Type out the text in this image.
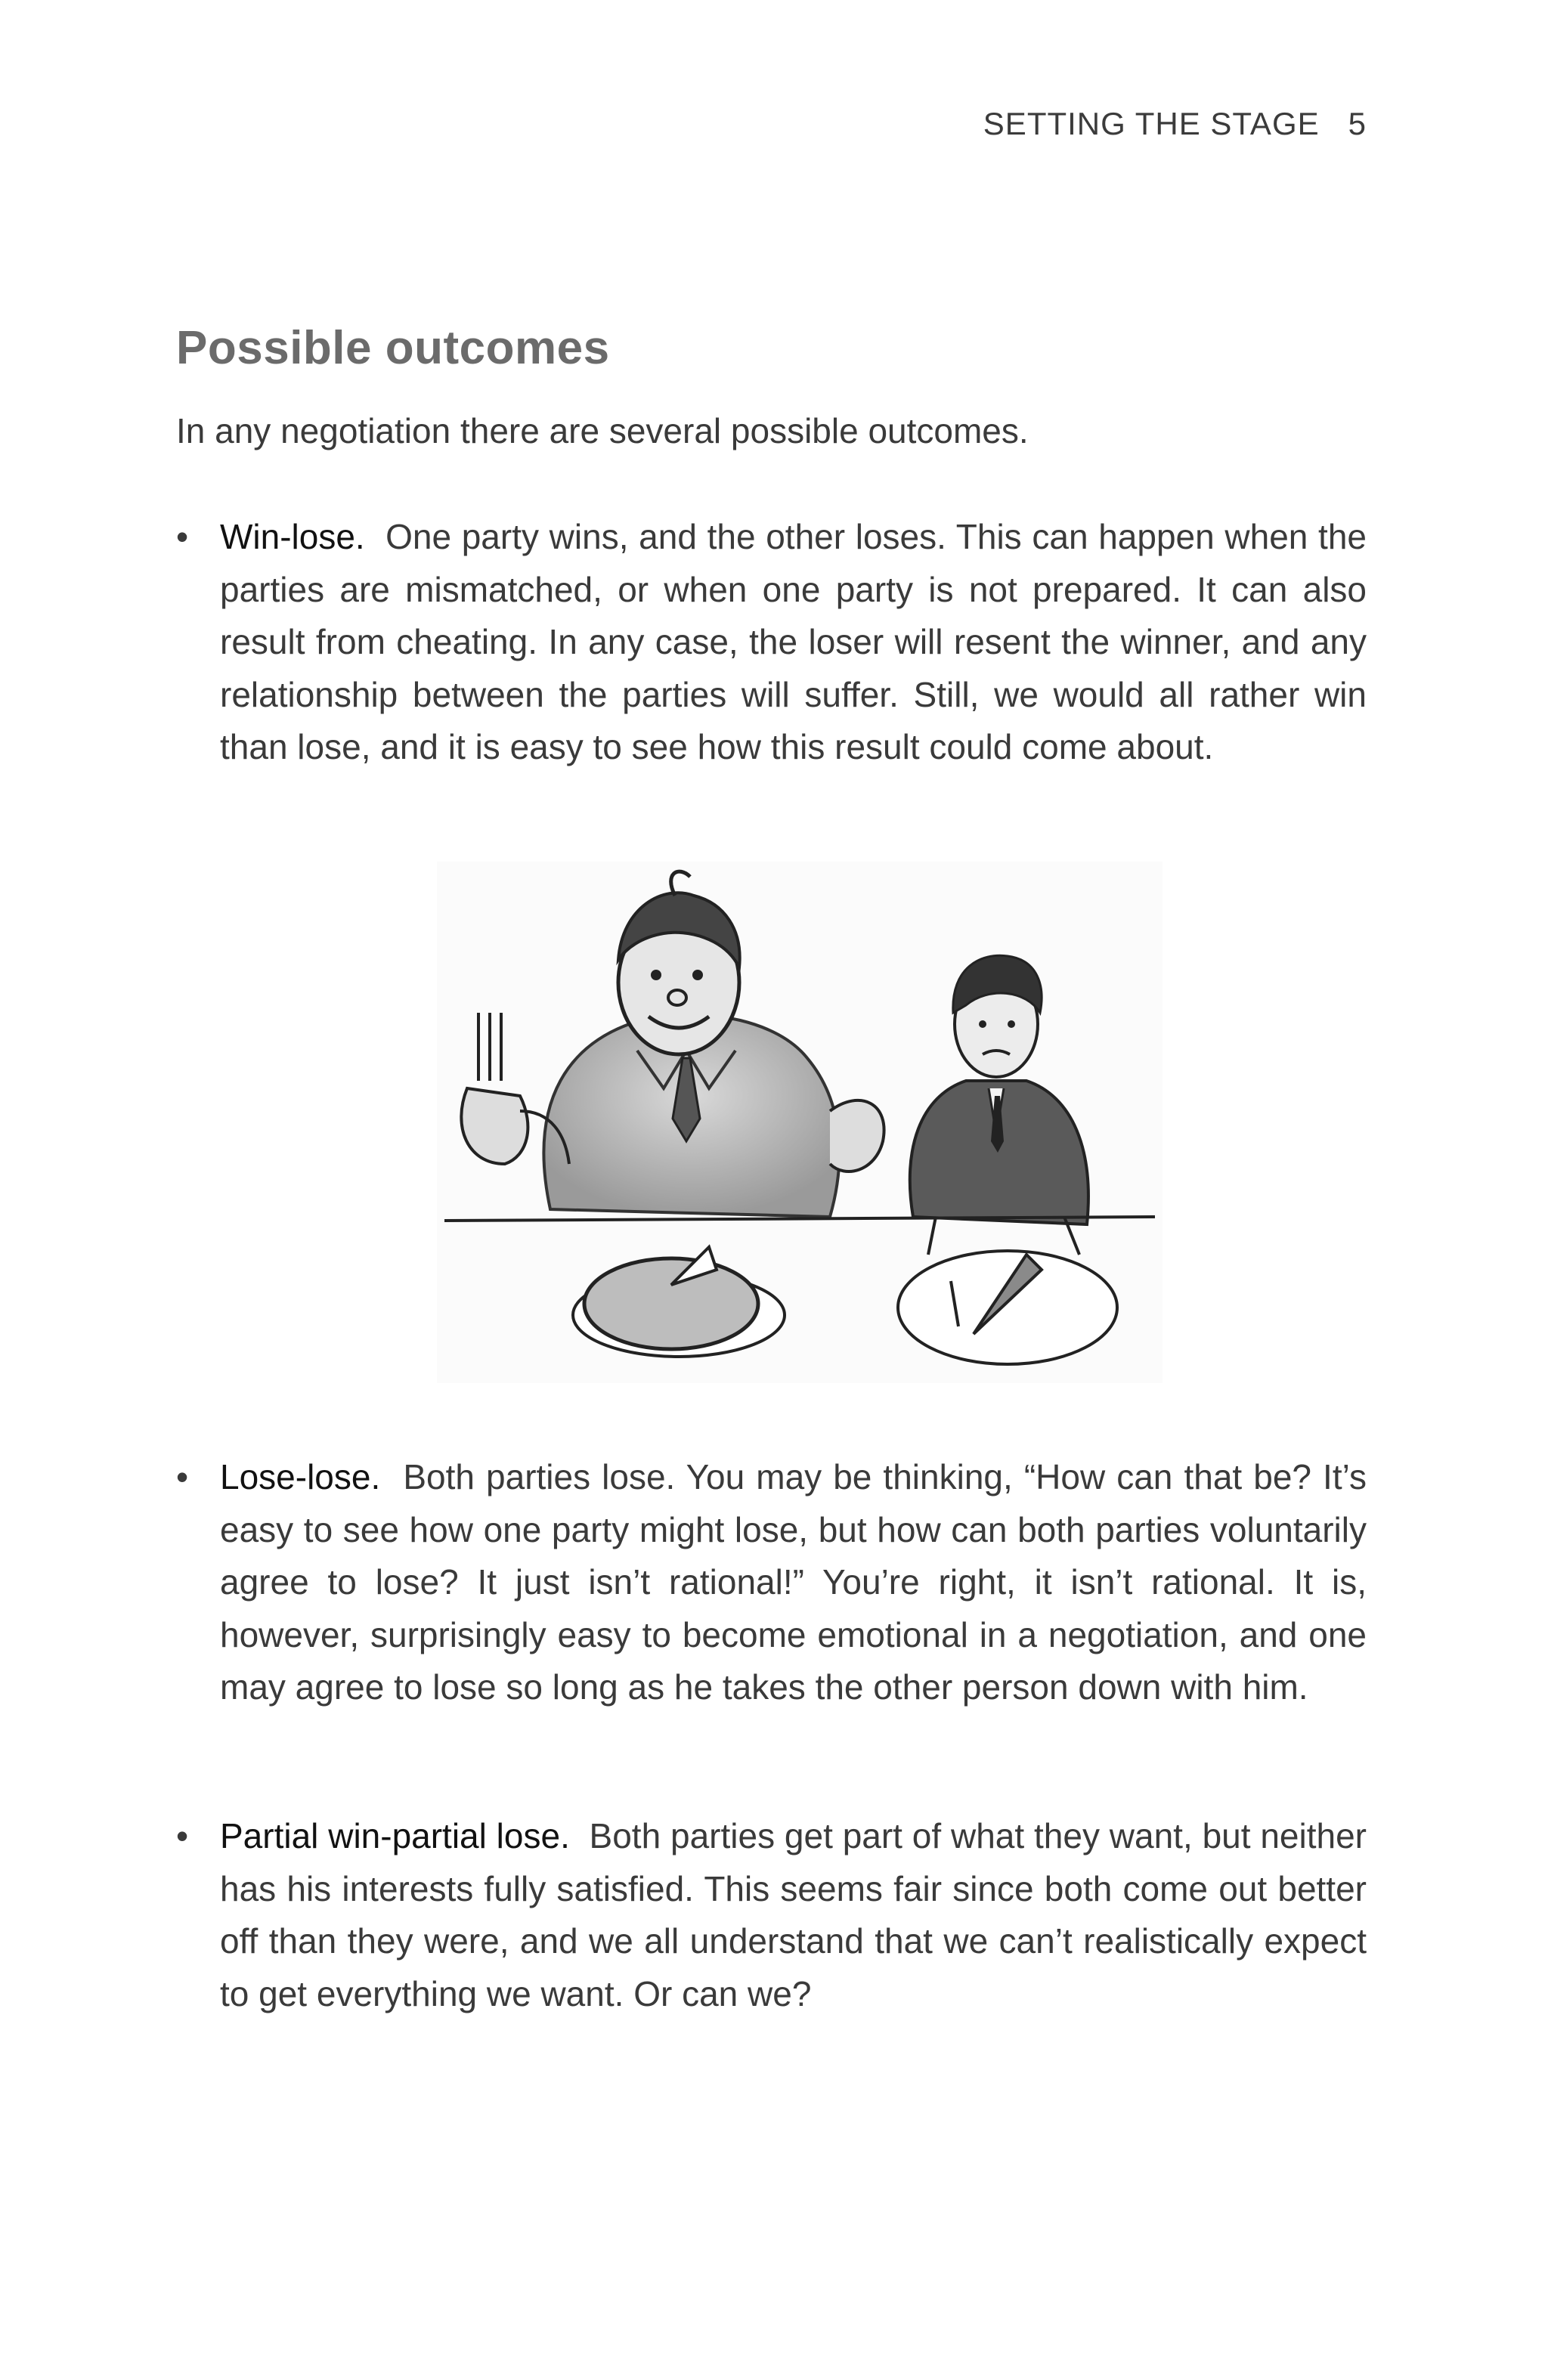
SETTING THE STAGE 5
Possible outcomes

In any negotiation there are several possible outcomes.

• Win-lose. One party wins, and the other loses. This can happen when the parties are mismatched, or when one party is not prepared. It can also result from cheating. In any case, the loser will resent the winner, and any relationship between the parties will suffer. Still, we would all rather win than lose, and it is easy to see how this result could come about.
• Lose-lose. Both parties lose. You may be thinking, “How can that be? It’s easy to see how one party might lose, but how can both parties voluntarily agree to lose? It just isn’t rational!” You’re right, it isn’t rational. It is, however, surprisingly easy to become emotional in a negotiation, and one may agree to lose so long as he takes the other person down with him.
• Partial win-partial lose. Both parties get part of what they want, but neither has his interests fully satisfied. This seems fair since both come out better off than they were, and we all understand that we can’t realistically expect to get everything we want. Or can we?
